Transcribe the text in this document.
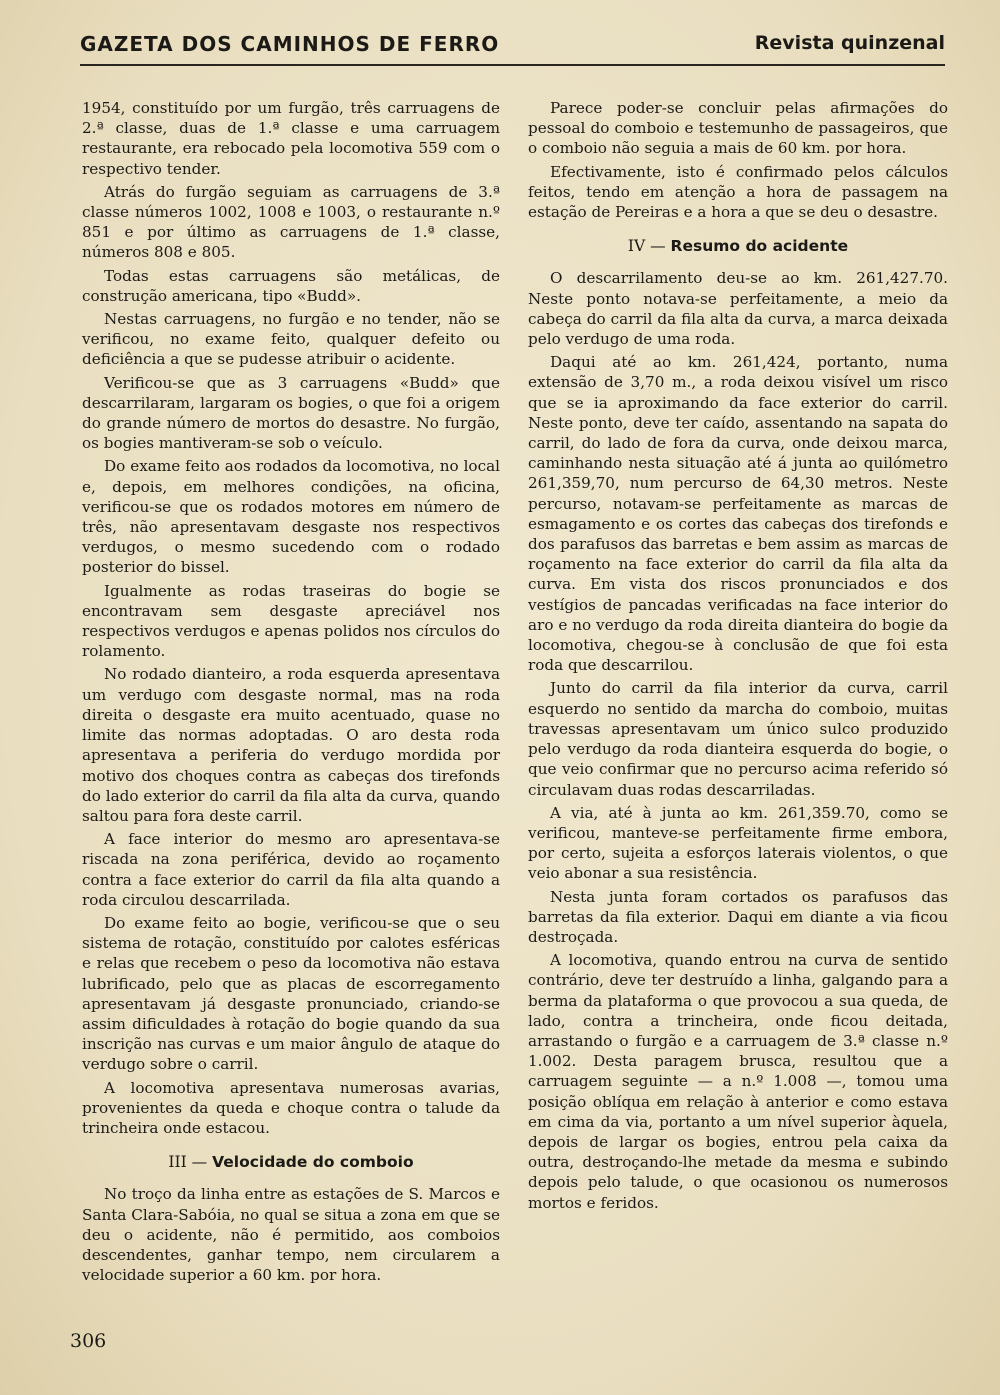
GAZETA DOS CAMINHOS DE FERRO	Revista quinzenal

1954, constituído por um furgão, três carruagens de 2.ª classe, duas de 1.ª classe e uma carruagem restaurante, era rebocado pela locomotiva 559 com o respectivo tender.

Atrás do furgão seguiam as carruagens de 3.ª classe números 1002, 1008 e 1003, o restaurante n.º 851 e por último as carruagens de 1.ª classe, números 808 e 805.

Todas estas carruagens são metálicas, de construção americana, tipo «Budd».

Nestas carruagens, no furgão e no tender, não se verificou, no exame feito, qualquer defeito ou deficiência a que se pudesse atribuir o acidente.

Verificou-se que as 3 carruagens «Budd» que descarrilaram, largaram os bogies, o que foi a origem do grande número de mortos do desastre. No furgão, os bogies mantiveram-se sob o veículo.

Do exame feito aos rodados da locomotiva, no local e, depois, em melhores condições, na oficina, verificou-se que os rodados motores em número de três, não apresentavam desgaste nos respectivos verdugos, o mesmo sucedendo com o rodado posterior do bissel.

Igualmente as rodas traseiras do bogie se encontravam sem desgaste apreciável nos respectivos verdugos e apenas polidos nos círculos do rolamento.

No rodado dianteiro, a roda esquerda apresentava um verdugo com desgaste normal, mas na roda direita o desgaste era muito acentuado, quase no limite das normas adoptadas. O aro desta roda apresentava a periferia do verdugo mordida por motivo dos choques contra as cabeças dos tirefonds do lado exterior do carril da fila alta da curva, quando saltou para fora deste carril.

A face interior do mesmo aro apresentava-se riscada na zona periférica, devido ao roçamento contra a face exterior do carril da fila alta quando a roda circulou descarrilada.

Do exame feito ao bogie, verificou-se que o seu sistema de rotação, constituído por calotes esféricas e relas que recebem o peso da locomotiva não estava lubrificado, pelo que as placas de escorregamento apresentavam já desgaste pronunciado, criando-se assim dificuldades à rotação do bogie quando da sua inscrição nas curvas e um maior ângulo de ataque do verdugo sobre o carril.

A locomotiva apresentava numerosas avarias, provenientes da queda e choque contra o talude da trincheira onde estacou.

III — Velocidade do comboio

No troço da linha entre as estações de S. Marcos e Santa Clara-Sabóia, no qual se situa a zona em que se deu o acidente, não é permitido, aos comboios descendentes, ganhar tempo, nem circularem a velocidade superior a 60 km. por hora.

Parece poder-se concluir pelas afirmações do pessoal do comboio e testemunho de passageiros, que o comboio não seguia a mais de 60 km. por hora.

Efectivamente, isto é confirmado pelos cálculos feitos, tendo em atenção a hora de passagem na estação de Pereiras e a hora a que se deu o desastre.

IV — Resumo do acidente

O descarrilamento deu-se ao km. 261,427.70. Neste ponto notava-se perfeitamente, a meio da cabeça do carril da fila alta da curva, a marca deixada pelo verdugo de uma roda.

Daqui até ao km. 261,424, portanto, numa extensão de 3,70 m., a roda deixou visível um risco que se ia aproximando da face exterior do carril. Neste ponto, deve ter caído, assentando na sapata do carril, do lado de fora da curva, onde deixou marca, caminhando nesta situação até á junta ao quilómetro 261,359,70, num percurso de 64,30 metros. Neste percurso, notavam-se perfeitamente as marcas de esmagamento e os cortes das cabeças dos tirefonds e dos parafusos das barretas e bem assim as marcas de roçamento na face exterior do carril da fila alta da curva. Em vista dos riscos pronunciados e dos vestígios de pancadas verificadas na face interior do aro e no verdugo da roda direita dianteira do bogie da locomotiva, chegou-se à conclusão de que foi esta roda que descarrilou.

Junto do carril da fila interior da curva, carril esquerdo no sentido da marcha do comboio, muitas travessas apresentavam um único sulco produzido pelo verdugo da roda dianteira esquerda do bogie, o que veio confirmar que no percurso acima referido só circulavam duas rodas descarriladas.

A via, até à junta ao km. 261,359.70, como se verificou, manteve-se perfeitamente firme embora, por certo, sujeita a esforços laterais violentos, o que veio abonar a sua resistência.

Nesta junta foram cortados os parafusos das barretas da fila exterior. Daqui em diante a via ficou destroçada.

A locomotiva, quando entrou na curva de sentido contrário, deve ter destruído a linha, galgando para a berma da plataforma o que provocou a sua queda, de lado, contra a trincheira, onde ficou deitada, arrastando o furgão e a carruagem de 3.ª classe n.º 1.002. Desta paragem brusca, resultou que a carruagem seguinte — a n.º 1.008 —, tomou uma posição oblíqua em relação à anterior e como estava em cima da via, portanto a um nível superior àquela, depois de largar os bogies, entrou pela caixa da outra, destroçando-lhe metade da mesma e subindo depois pelo talude, o que ocasionou os numerosos mortos e feridos.

306
